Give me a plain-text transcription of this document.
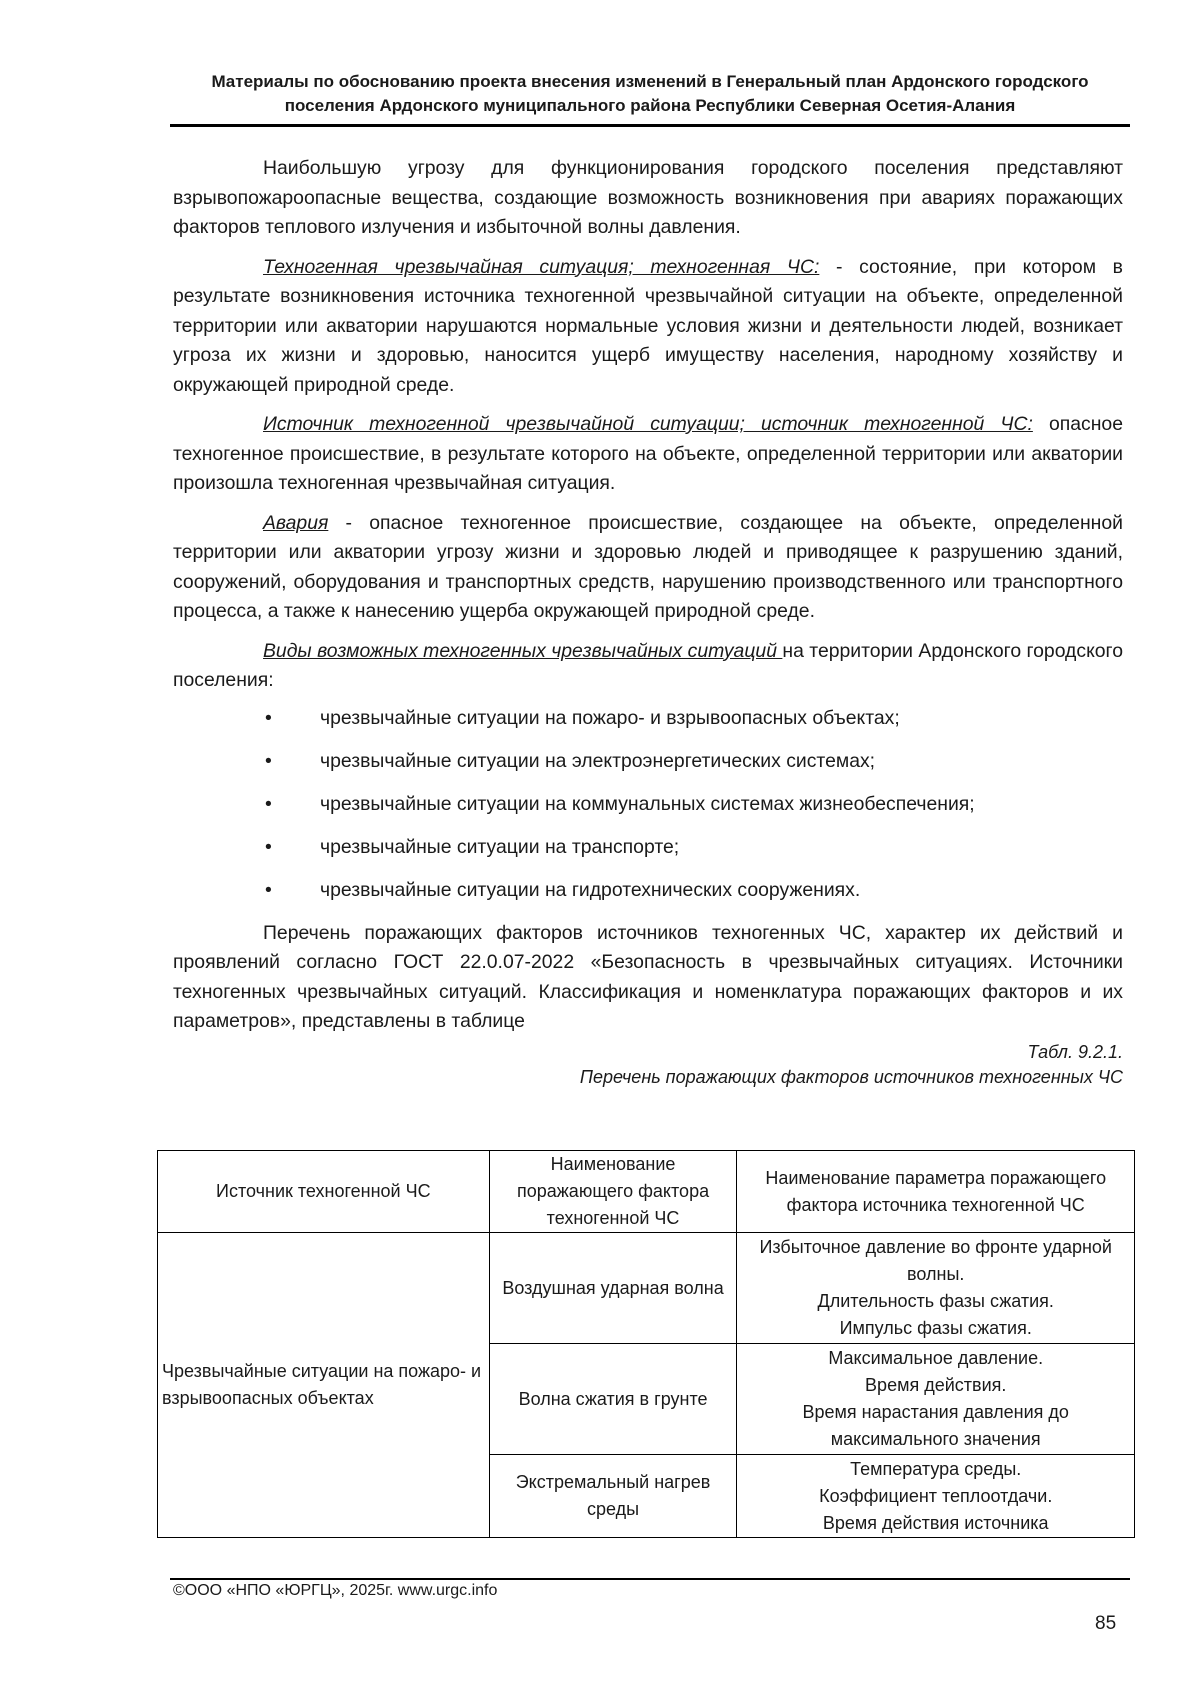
Материалы по обоснованию проекта внесения изменений в Генеральный план Ардонского городского
поселения Ардонского муниципального района Республики Северная Осетия-Алания

Наибольшую угрозу для функционирования городского поселения представляют взрывопожароопасные вещества, создающие возможность возникновения при авариях поражающих факторов теплового излучения и избыточной волны давления.

Техногенная чрезвычайная ситуация; техногенная ЧС: - состояние, при котором в результате возникновения источника техногенной чрезвычайной ситуации на объекте, определенной территории или акватории нарушаются нормальные условия жизни и деятельности людей, возникает угроза их жизни и здоровью, наносится ущерб имуществу населения, народному хозяйству и окружающей природной среде.

Источник техногенной чрезвычайной ситуации; источник техногенной ЧС: опасное техногенное происшествие, в результате которого на объекте, определенной территории или акватории произошла техногенная чрезвычайная ситуация.

Авария - опасное техногенное происшествие, создающее на объекте, определенной территории или акватории угрозу жизни и здоровью людей и приводящее к разрушению зданий, сооружений, оборудования и транспортных средств, нарушению производственного или транспортного процесса, а также к нанесению ущерба окружающей природной среде.

Виды возможных техногенных чрезвычайных ситуаций на территории Ардонского городского поселения:

• чрезвычайные ситуации на пожаро- и взрывоопасных объектах;
• чрезвычайные ситуации на электроэнергетических системах;
• чрезвычайные ситуации на коммунальных системах жизнеобеспечения;
• чрезвычайные ситуации на транспорте;
• чрезвычайные ситуации на гидротехнических сооружениях.

Перечень поражающих факторов источников техногенных ЧС, характер их действий и проявлений согласно ГОСТ 22.0.07-2022 «Безопасность в чрезвычайных ситуациях. Источники техногенных чрезвычайных ситуаций. Классификация и номенклатура поражающих факторов и их параметров», представлены в таблице

Табл. 9.2.1.
Перечень поражающих факторов источников техногенных ЧС
Источник техногенной ЧС	Наименование поражающего фактора техногенной ЧС	Наименование параметра поражающего фактора источника техногенной ЧС
Чрезвычайные ситуации на пожаро- и взрывоопасных объектах	Воздушная ударная волна	Избыточное давление во фронте ударной волны.
Длительность фазы сжатия.
Импульс фазы сжатия.

	Волна сжатия в грунте	Максимальное давление.
Время действия.
Время нарастания давления до максимального значения

	Экстремальный нагрев среды	Температура среды.
Коэффициент теплоотдачи.
Время действия источника
©ООО «НПО «ЮРГЦ», 2025г. www.urgc.info
85
